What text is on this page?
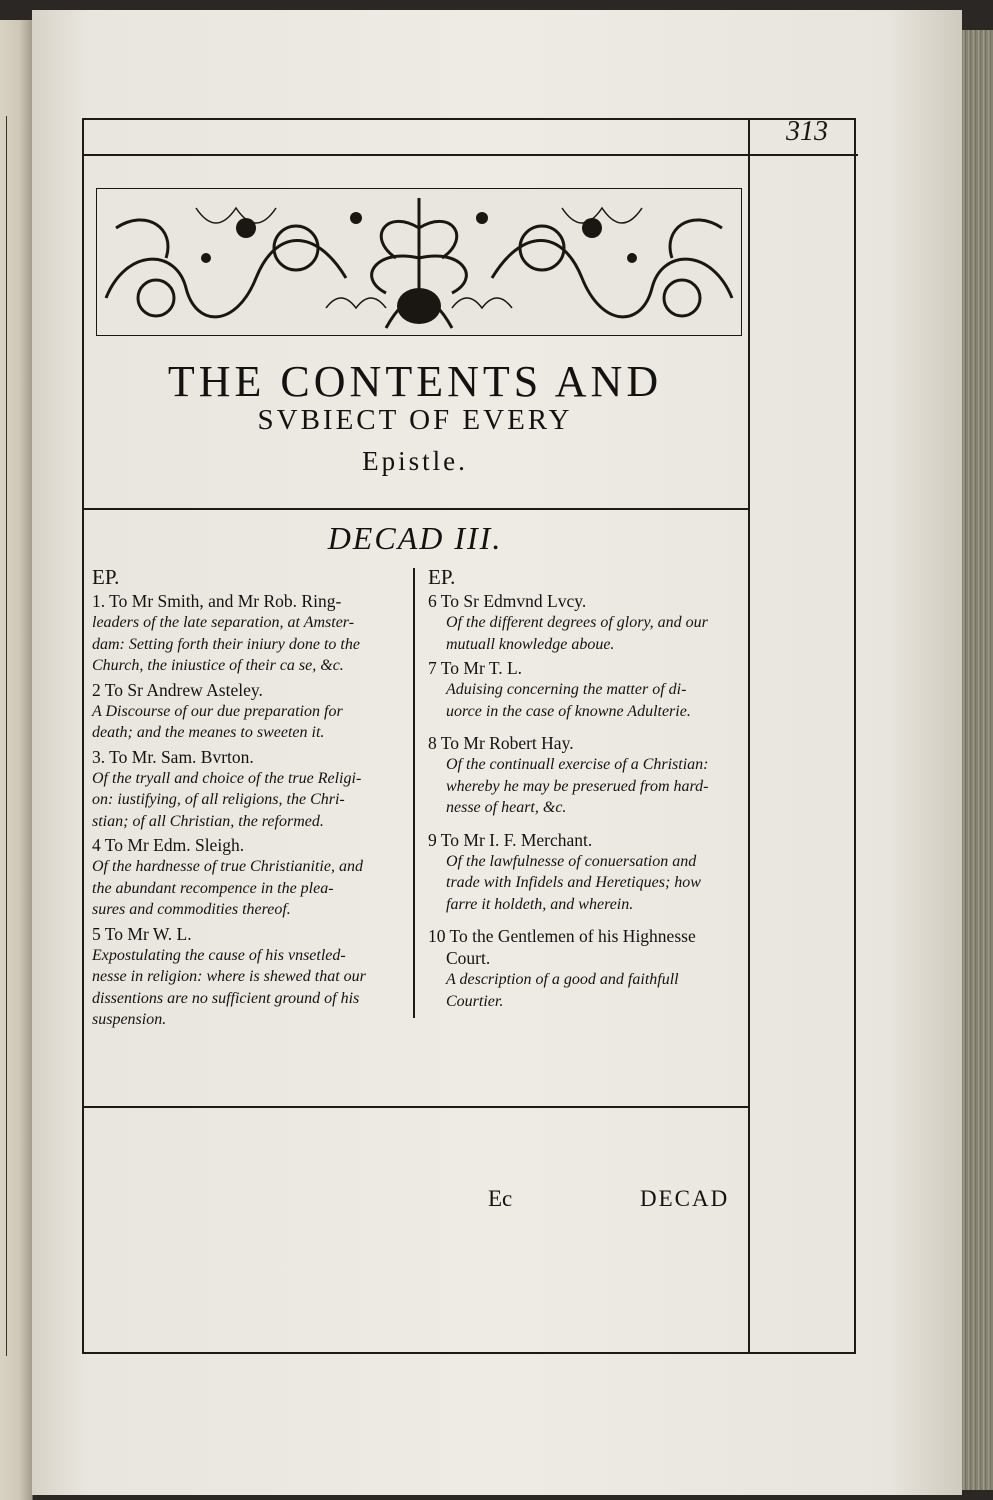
313
THE CONTENTS AND
SVBIECT OF EVERY
Epistle.
DECAD III.
EP.
1. To Mr Smith, and Mr Rob. Ring-
leaders of the late separation, at Amster-
dam: Setting forth their iniury done to the
Church, the iniustice of their ca se, &c.
2 To Sr Andrew Asteley.
A Discourse of our due preparation for
death; and the meanes to sweeten it.
3. To Mr. Sam. Bvrton.
Of the tryall and choice of the true Religi-
on: iustifying, of all religions, the Chri-
stian; of all Christian, the reformed.
4 To Mr Edm. Sleigh.
Of the hardnesse of true Christianitie, and
the abundant recompence in the plea-
sures and commodities thereof.
5 To Mr W. L.
Expostulating the cause of his vnsetled-
nesse in religion: where is shewed that our
dissentions are no sufficient ground of his
suspension.
EP.
6 To Sr Edmvnd Lvcy.
Of the different degrees of glory, and our
mutuall knowledge aboue.
7 To Mr T. L.
Aduising concerning the matter of di-
uorce in the case of knowne Adulterie.
8 To Mr Robert Hay.
Of the continuall exercise of a Christian:
whereby he may be preserued from hard-
nesse of heart, &c.
9 To Mr I. F. Merchant.
Of the lawfulnesse of conuersation and
trade with Infidels and Heretiques; how
farre it holdeth, and wherein.
10 To the Gentlemen of his Highnesse
Court.
A description of a good and faithfull
Courtier.
Ec	DECAD
